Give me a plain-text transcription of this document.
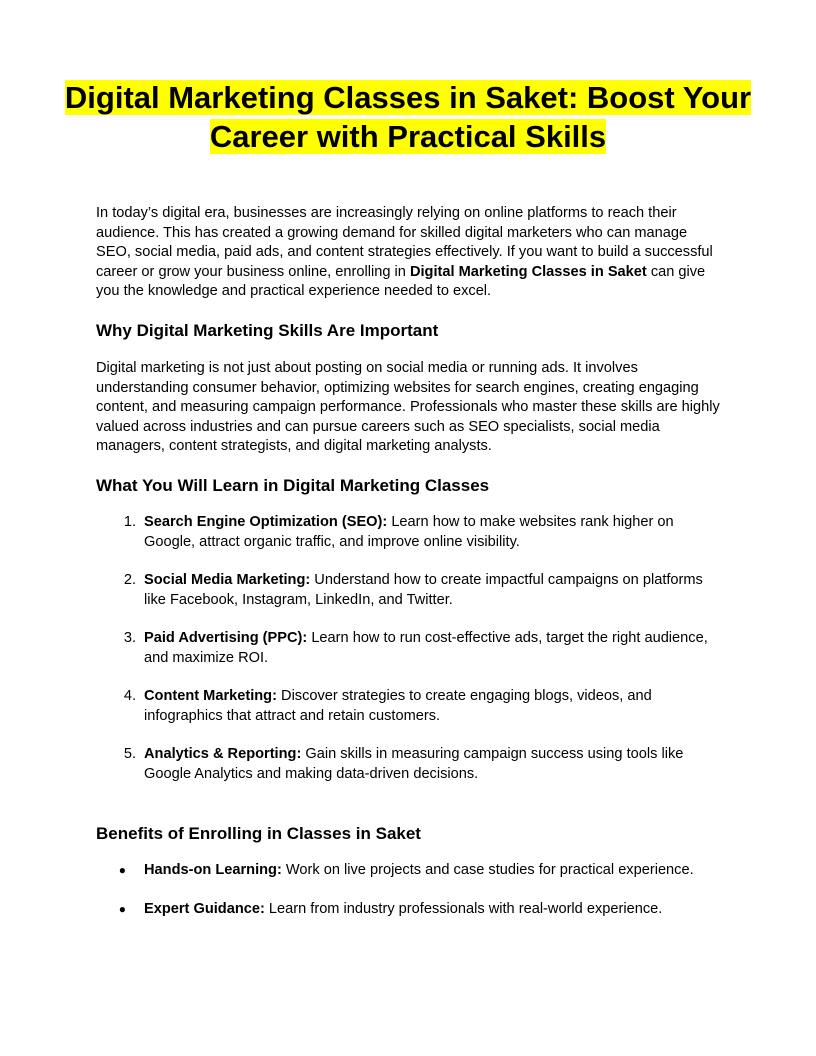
Digital Marketing Classes in Saket: Boost Your Career with Practical Skills

In today’s digital era, businesses are increasingly relying on online platforms to reach their audience. This has created a growing demand for skilled digital marketers who can manage SEO, social media, paid ads, and content strategies effectively. If you want to build a successful career or grow your business online, enrolling in Digital Marketing Classes in Saket can give you the knowledge and practical experience needed to excel.

Why Digital Marketing Skills Are Important

Digital marketing is not just about posting on social media or running ads. It involves understanding consumer behavior, optimizing websites for search engines, creating engaging content, and measuring campaign performance. Professionals who master these skills are highly valued across industries and can pursue careers such as SEO specialists, social media managers, content strategists, and digital marketing analysts.

What You Will Learn in Digital Marketing Classes
1. Search Engine Optimization (SEO): Learn how to make websites rank higher on Google, attract organic traffic, and improve online visibility.
2. Social Media Marketing: Understand how to create impactful campaigns on platforms like Facebook, Instagram, LinkedIn, and Twitter.
3. Paid Advertising (PPC): Learn how to run cost-effective ads, target the right audience, and maximize ROI.
4. Content Marketing: Discover strategies to create engaging blogs, videos, and infographics that attract and retain customers.
5. Analytics & Reporting: Gain skills in measuring campaign success using tools like Google Analytics and making data-driven decisions.
Benefits of Enrolling in Classes in Saket
● Hands-on Learning: Work on live projects and case studies for practical experience.
● Expert Guidance: Learn from industry professionals with real-world experience.
